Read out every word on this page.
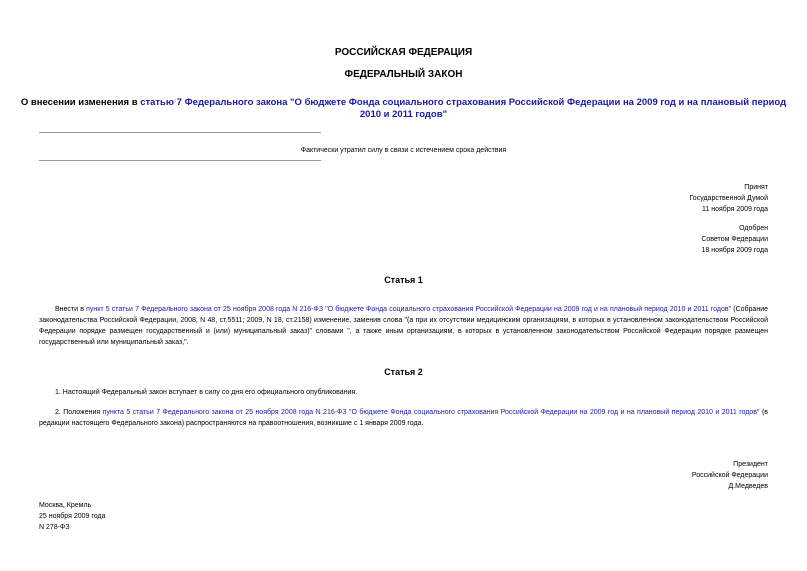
РОССИЙСКАЯ ФЕДЕРАЦИЯ
ФЕДЕРАЛЬНЫЙ ЗАКОН
О внесении изменения в статью 7 Федерального закона "О бюджете Фонда социального страхования Российской Федерации на 2009 год и на плановый период
2010 и 2011 годов"
Фактически утратил силу в связи с истечением срока действия
Принят
Государственной Думой
11 ноября 2009 года
Одобрен
Советом Федерации
18 ноября 2009 года
Статья 1
Внести в пункт 5 статьи 7 Федерального закона от 25 ноября 2008 года N 216-ФЗ "О бюджете Фонда социального страхования Российской Федерации на 2009 год и на плановый период 2010 и 2011 годов" (Собрание законодательства Российской Федерации, 2008, N 48, ст.5511; 2009, N 18, ст.2158) изменение, заменив слова "(а при их отсутствии медицинским организациям, в которых в установленном законодательством Российской Федерации порядке размещен государственный и (или) муниципальный заказ)" словами ", а также иным организациям, в которых в установленном законодательством Российской Федерации порядке размещен государственный или муниципальный заказ,".
Статья 2
1. Настоящий Федеральный закон вступает в силу со дня его официального опубликования.
2. Положения пункта 5 статьи 7 Федерального закона от 25 ноября 2008 года N 216-ФЗ "О бюджете Фонда социального страхования Российской Федерации на 2009 год и на плановый период 2010 и 2011 годов" (в редакции настоящего Федерального закона) распространяются на правоотношения, возникшие с 1 января 2009 года.
Президент
Российской Федерации
Д.Медведев
Москва, Кремль
25 ноября 2009 года
N 278-ФЗ
